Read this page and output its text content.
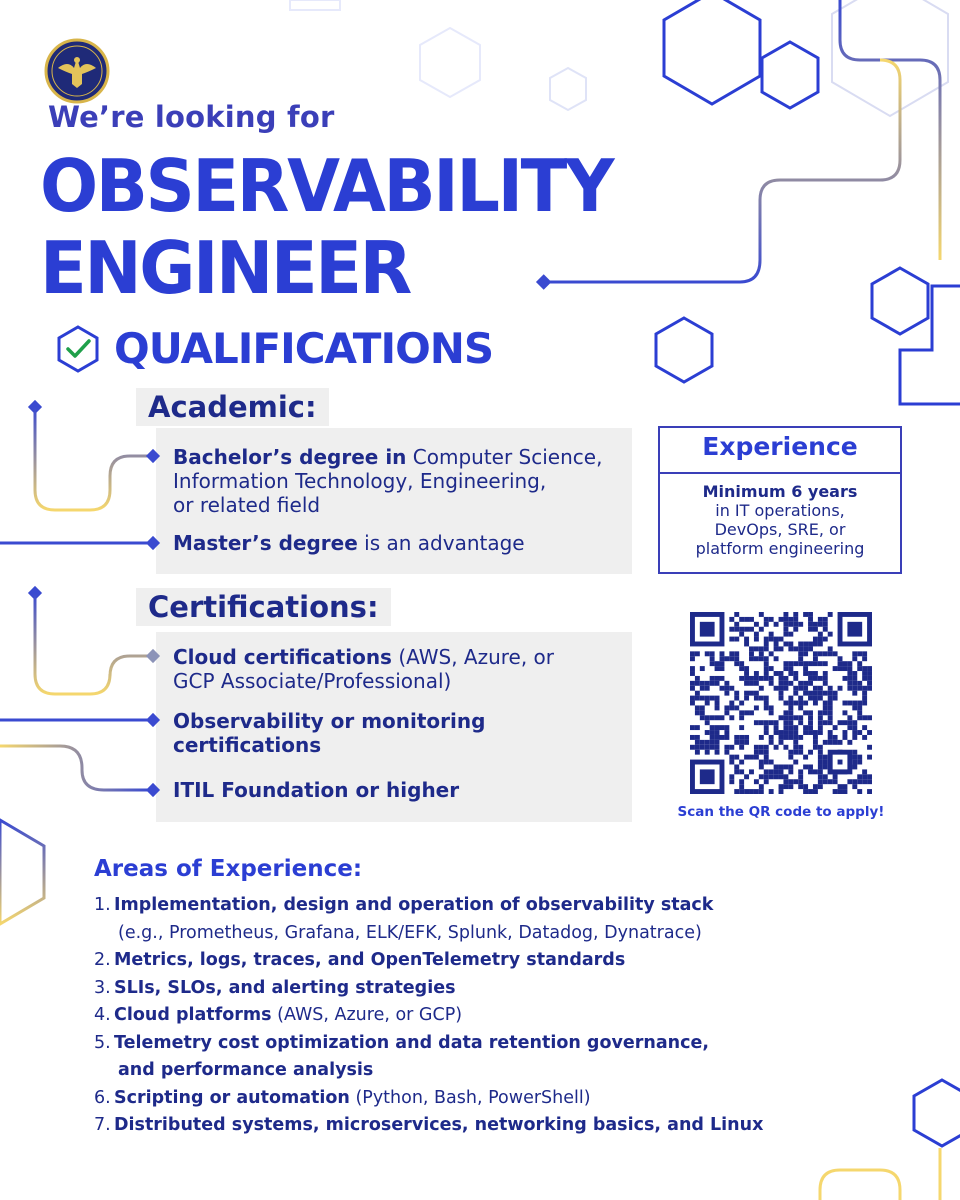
We’re looking for
OBSERVABILITY
ENGINEER
QUALIFICATIONS
Academic:
Bachelor’s degree in Computer Science,
Information Technology, Engineering,
or related field
Master’s degree is an advantage
Certifications:
Cloud certifications (AWS, Azure, or
GCP Associate/Professional)
Observability or monitoring
certifications
ITIL Foundation or higher
Experience
Minimum 6 years
in IT operations,
DevOps, SRE, or
platform engineering
Scan the QR code to apply!
Areas of Experience:
1. Implementation, design and operation of observability stack
(e.g., Prometheus, Grafana, ELK/EFK, Splunk, Datadog, Dynatrace)
2. Metrics, logs, traces, and OpenTelemetry standards
3. SLIs, SLOs, and alerting strategies
4. Cloud platforms (AWS, Azure, or GCP)
5. Telemetry cost optimization and data retention governance,
and performance analysis
6. Scripting or automation (Python, Bash, PowerShell)
7. Distributed systems, microservices, networking basics, and Linux
